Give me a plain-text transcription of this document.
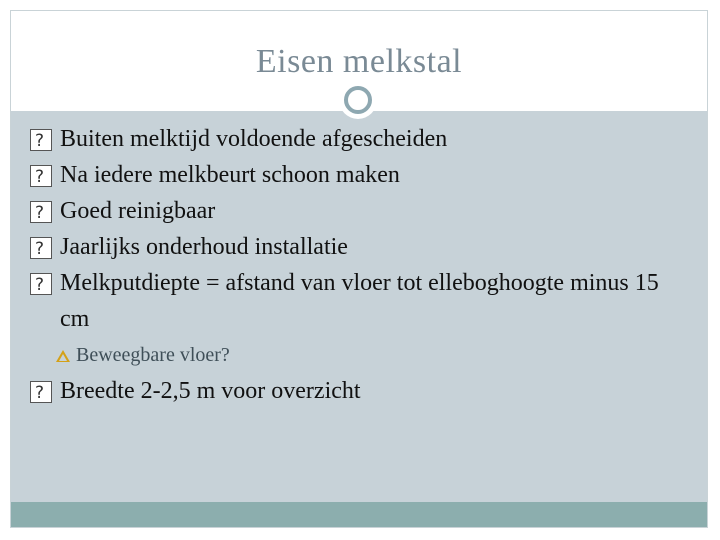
Eisen melkstal
?
Buiten melktijd voldoende afgescheiden
?
Na iedere melkbeurt schoon maken
?
Goed reinigbaar
?
Jaarlijks onderhoud installatie
?
Melkputdiepte = afstand van vloer tot elleboghoogte minus 15 cm
Beweegbare vloer?
?
Breedte 2-2,5 m voor overzicht
